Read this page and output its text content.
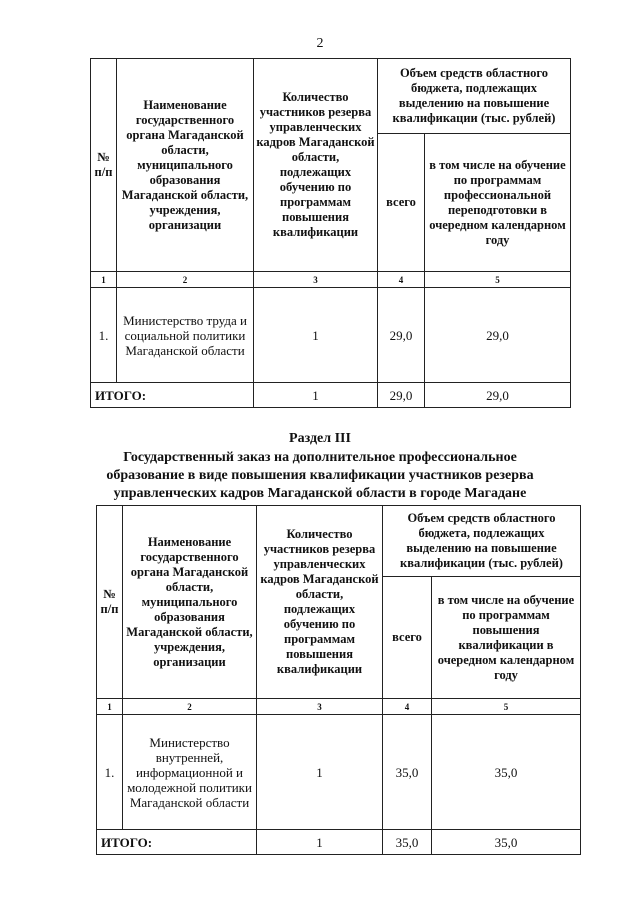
2
№ п/п	Наименование государственного органа Магаданской области, муниципального образования Магаданской области, учреждения, организации	Количество участников резерва управленческих кадров Магаданской области, подлежащих обучению по программам повышения квалификации	Объем средств областного бюджета, подлежащих выделению на повышение квалификации (тыс. рублей)	
			всего	в том числе на обучение по программам профессиональной переподготовки в очередном календарном году
1	2	3	4	5
1.	Министерство труда и социальной политики Магаданской области	1	29,0	29,0
ИТОГО:		1	29,0	29,0
Раздел III
Государственный заказ на дополнительное профессиональное
образование в виде повышения квалификации участников резерва
управленческих кадров Магаданской области в городе Магадане
№ п/п	Наименование государственного органа Магаданской области, муниципального образования Магаданской области, учреждения, организации	Количество участников резерва управленческих кадров Магаданской области, подлежащих обучению по программам повышения квалификации	Объем средств областного бюджета, подлежащих выделению на повышение квалификации (тыс. рублей)	
			всего	в том числе на обучение по программам повышения квалификации в очередном календарном году
1	2	3	4	5
1.	Министерство внутренней, информационной и молодежной политики Магаданской области	1	35,0	35,0
ИТОГО:		1	35,0	35,0
